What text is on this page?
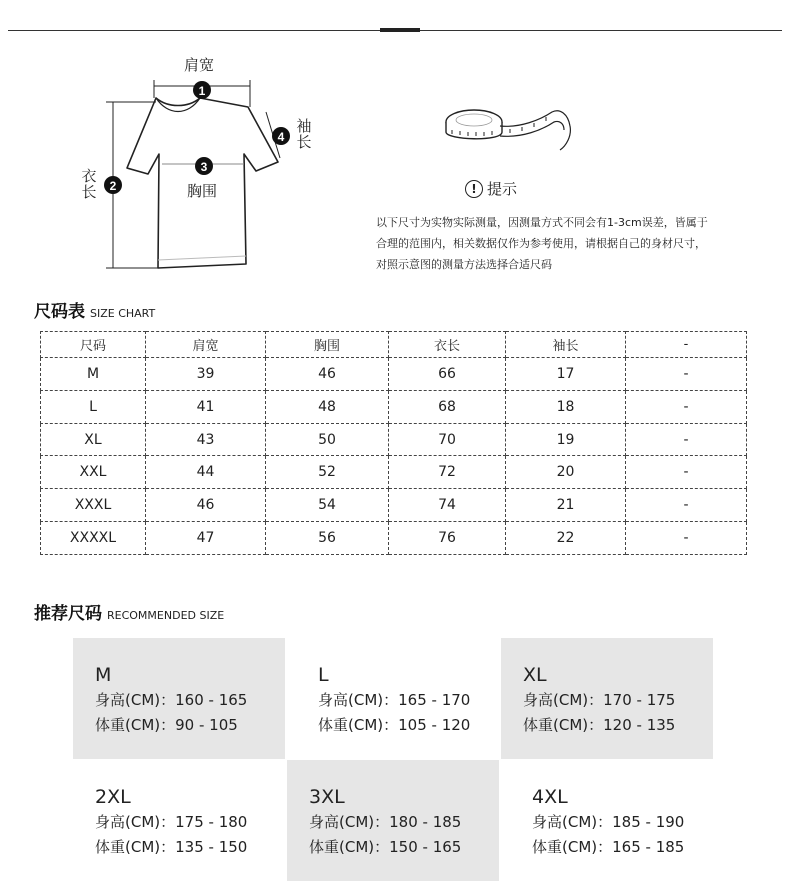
1
2
3
4
肩宽
胸围
衣长
袖长
! 提示
以下尺寸为实物实际测量，因测量方式不同会有1-3cm误差，皆属于合理的范围内，相关数据仅作为参考使用，请根据自己的身材尺寸，对照示意图的测量方法选择合适尺码
尺码表 SIZE CHART
尺码	肩宽	胸围	衣长	袖长	-
M	39	46	66	17	-
L	41	48	68	18	-
XL	43	50	70	19	-
XXL	44	52	72	20	-
XXXL	46	54	74	21	-
XXXXL	47	56	76	22	-
推荐尺码 RECOMMENDED SIZE
M
身高(CM)：160 - 165
体重(CM)：90 - 105
L
身高(CM)：165 - 170
体重(CM)：105 - 120
XL
身高(CM)：170 - 175
体重(CM)：120 - 135
2XL
身高(CM)：175 - 180
体重(CM)：135 - 150
3XL
身高(CM)：180 - 185
体重(CM)：150 - 165
4XL
身高(CM)：185 - 190
体重(CM)：165 - 185
